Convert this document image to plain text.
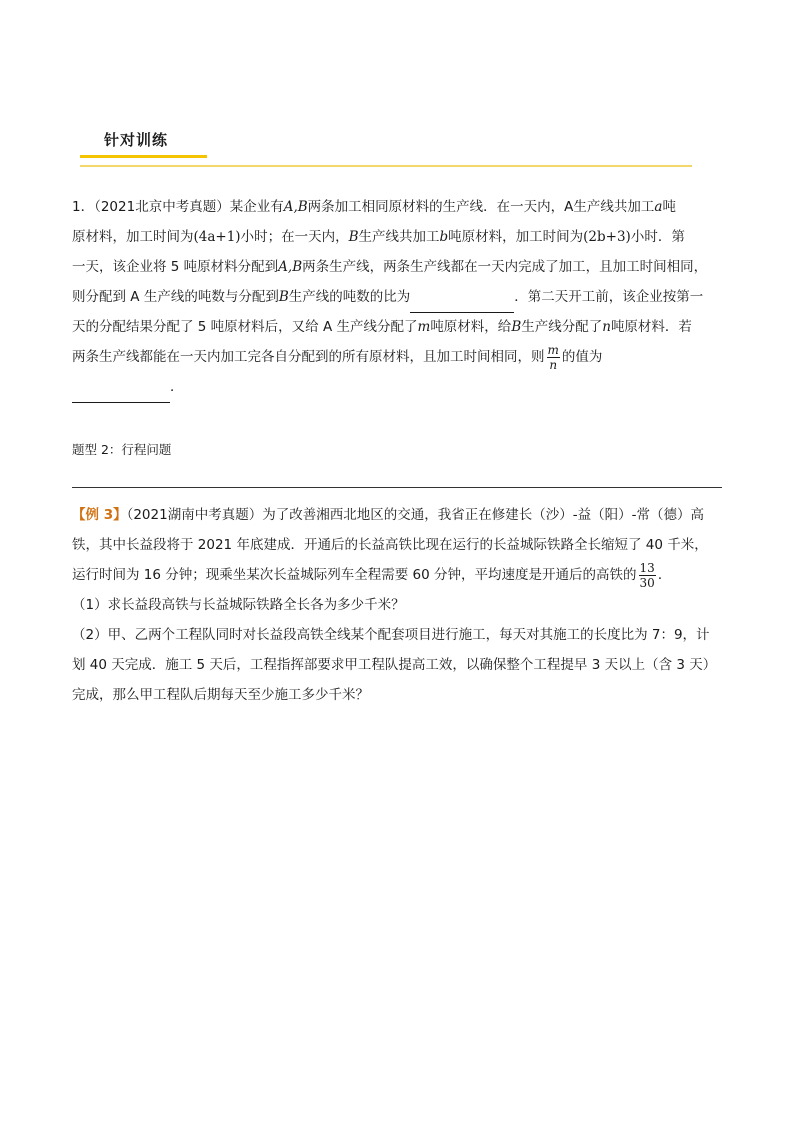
针对训练
1．（2021北京中考真题）某企业有A,B两条加工相同原材料的生产线．在一天内，A生产线共加工a吨
原材料，加工时间为(4a+1)小时；在一天内，B生产线共加工b吨原材料，加工时间为(2b+3)小时．第
一天，该企业将 5 吨原材料分配到A,B两条生产线，两条生产线都在一天内完成了加工，且加工时间相同，
则分配到 A 生产线的吨数与分配到B生产线的吨数的比为	．第二天开工前，该企业按第一
天的分配结果分配了 5 吨原材料后，又给 A 生产线分配了m吨原材料，给B生产线分配了n吨原材料．若
两条生产线都能在一天内加工完各自分配到的所有原材料，且加工时间相同，则 $\frac{m}{n}$ 的值为
．
题型 2：行程问题
【例 3】（2021湖南中考真题）为了改善湘西北地区的交通，我省正在修建长（沙）-益（阳）-常（德）高
铁，其中长益段将于 2021 年底建成．开通后的长益高铁比现在运行的长益城际铁路全长缩短了 40 千米，
运行时间为 16 分钟；现乘坐某次长益城际列车全程需要 60 分钟，平均速度是开通后的高铁的 $\frac{13}{30}$ ．
（1）求长益段高铁与长益城际铁路全长各为多少千米？
（2）甲、乙两个工程队同时对长益段高铁全线某个配套项目进行施工，每天对其施工的长度比为 7：9，计
划 40 天完成．施工 5 天后，工程指挥部要求甲工程队提高工效，以确保整个工程提早 3 天以上（含 3 天）
完成，那么甲工程队后期每天至少施工多少千米？
